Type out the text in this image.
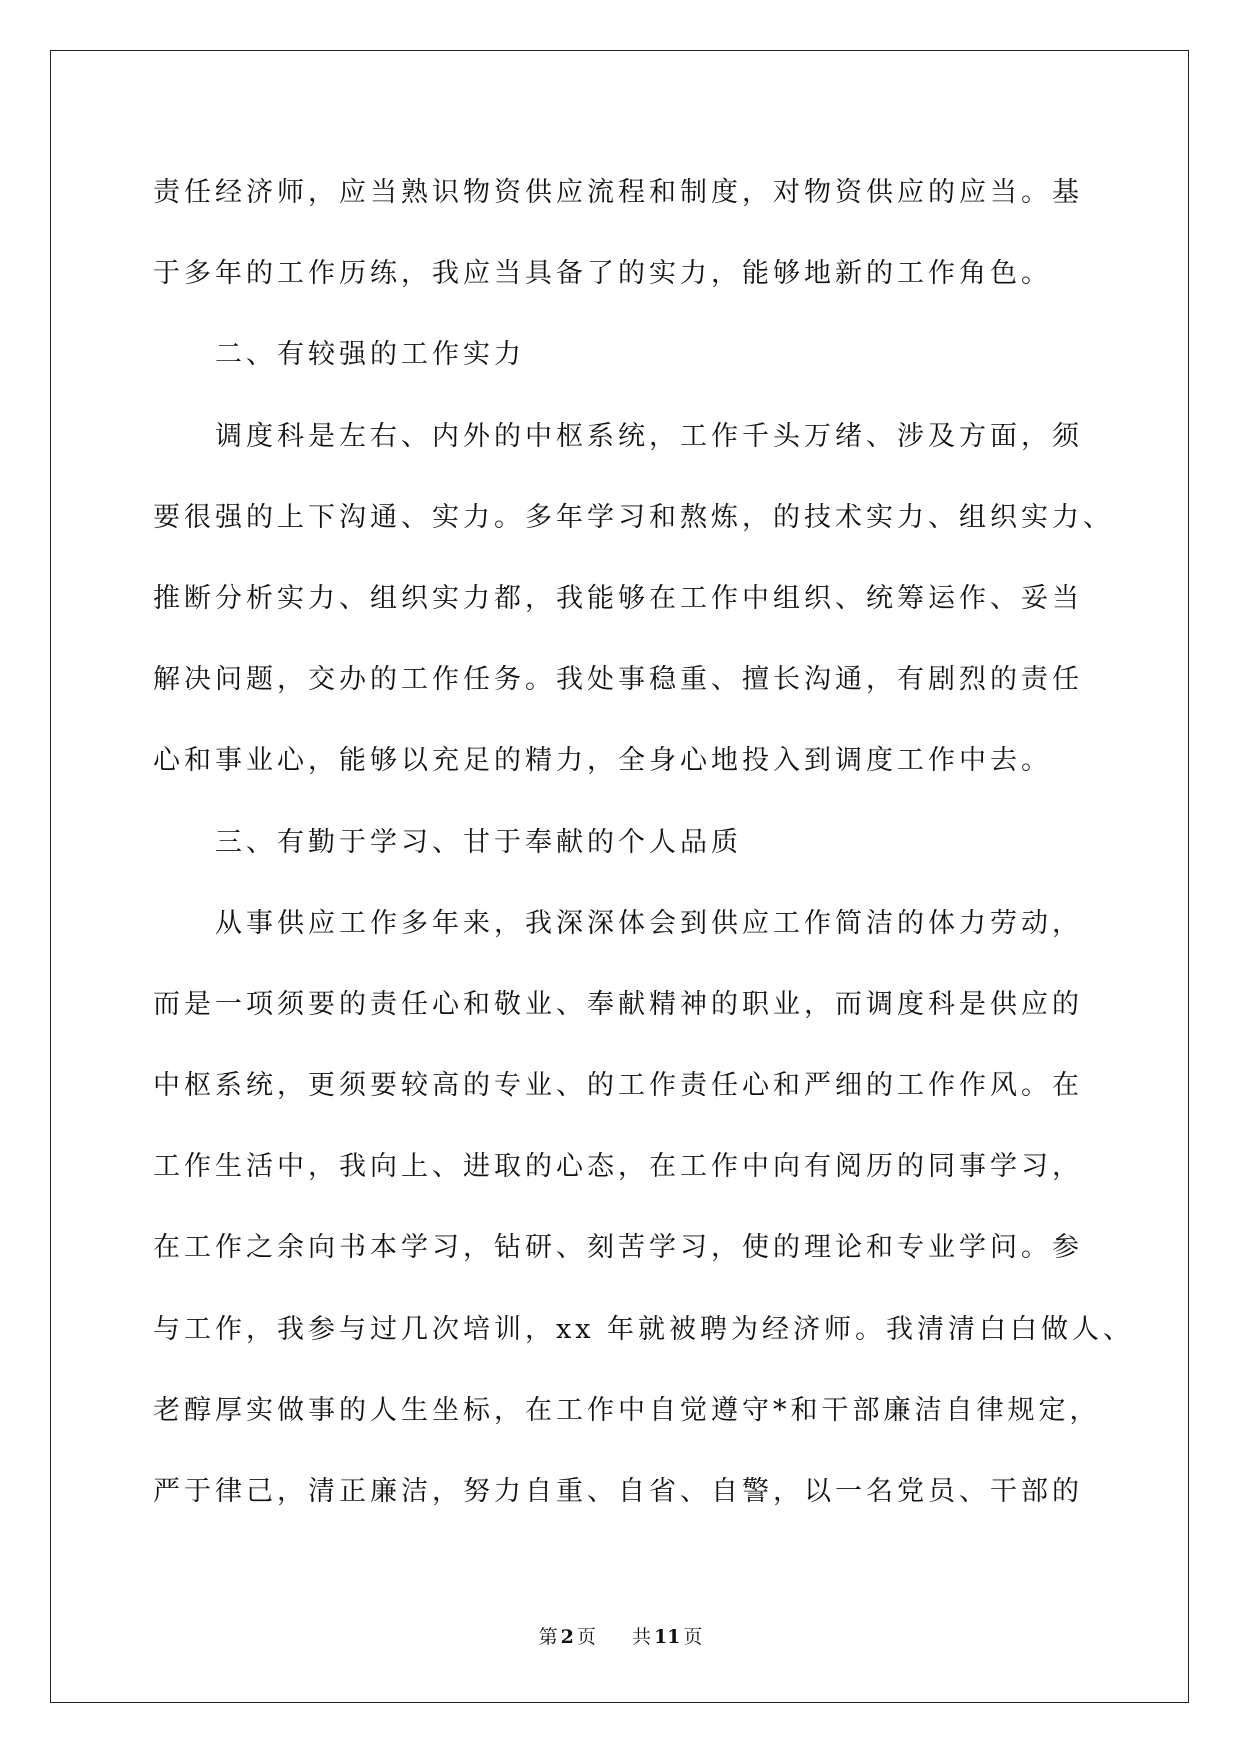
责任经济师，应当熟识物资供应流程和制度，对物资供应的应当。基
于多年的工作历练，我应当具备了的实力，能够地新的工作角色。
二、有较强的工作实力
调度科是左右、内外的中枢系统，工作千头万绪、涉及方面，须
要很强的上下沟通、实力。多年学习和熬炼，的技术实力、组织实力、
推断分析实力、组织实力都，我能够在工作中组织、统筹运作、妥当
解决问题，交办的工作任务。我处事稳重、擅长沟通，有剧烈的责任
心和事业心，能够以充足的精力，全身心地投入到调度工作中去。
三、有勤于学习、甘于奉献的个人品质
从事供应工作多年来，我深深体会到供应工作简洁的体力劳动，
而是一项须要的责任心和敬业、奉献精神的职业，而调度科是供应的
中枢系统，更须要较高的专业、的工作责任心和严细的工作作风。在
工作生活中，我向上、进取的心态，在工作中向有阅历的同事学习，
在工作之余向书本学习，钻研、刻苦学习，使的理论和专业学问。参
与工作，我参与过几次培训，xx 年就被聘为经济师。我清清白白做人、
老醇厚实做事的人生坐标，在工作中自觉遵守*和干部廉洁自律规定，
严于律己，清正廉洁，努力自重、自省、自警，以一名党员、干部的
第 2 页 共 11 页
